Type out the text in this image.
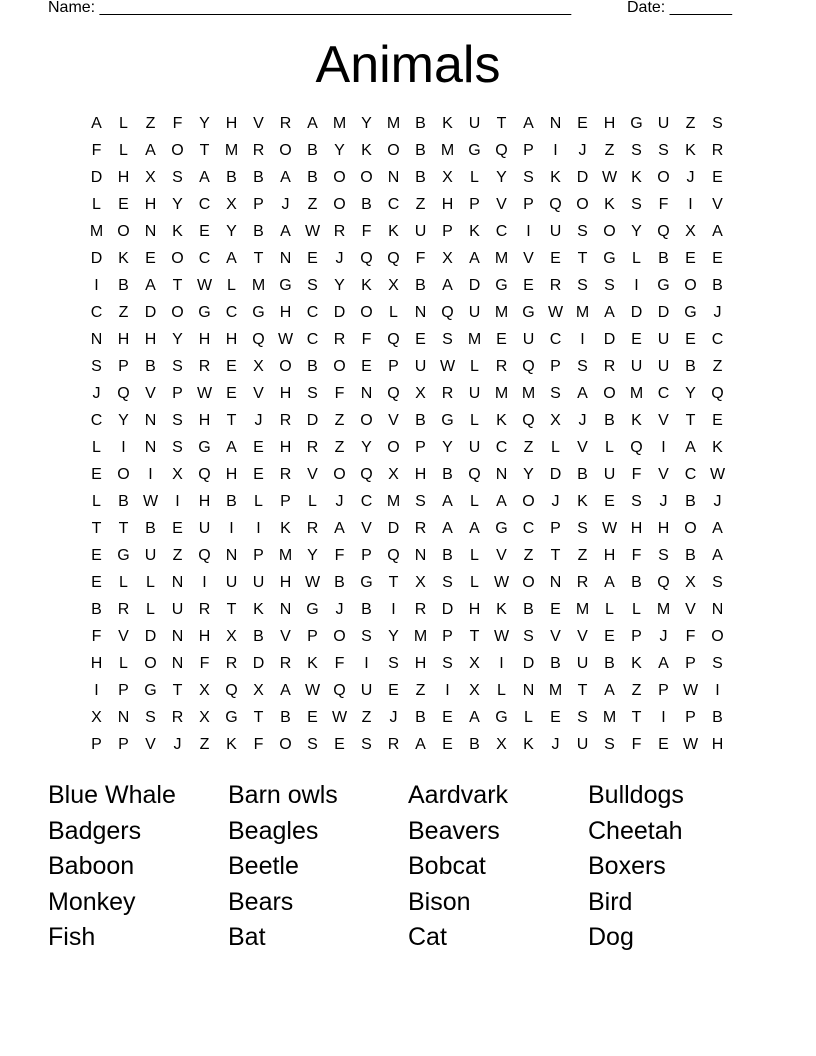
Name: _____________________________________________________	Date: _______
Animals
A	L	Z	F	Y H V R A M Y M B	K U	T	A N E H G U	Z	S
F	L	A O T M R O B	Y	K O B M G Q P	I	J	Z	S	S	K R
D H X	S	A	B	B	A	B O O N B	X	L	Y	S	K D W K O	J	E
L	E H Y C X	P	J	Z O B C	Z	H P	V	P Q O K	S	F	I	V
M O N K	E	Y	B	A W R	F	K U P	K C	I	U S O Y Q X	A
D K	E O C A	T	N E	J	Q Q F	X	A M V	E	T G	L	B	E	E
I	B	A	T W L M G S	Y	K	X	B	A D G E R S	S	I	G O B
C	Z	D O G C G H C D O	L	N Q U M G W M A D D G	J
N H H Y H H Q W C R	F Q E	S M E U C	I	D E U E C
S	P	B	S R E	X O B O E	P U W L	R Q P	S R U U B	Z
J	Q V	P W E	V H S	F	N Q X R U M M S	A O M C Y Q
C Y N S H	T	J	R D	Z O V	B G	L	K Q X	J	B	K	V	T	E
L	I	N S G A	E H R	Z	Y O P	Y U C	Z	L	V	L	Q	I	A	K
E O	I	X Q H E R V O Q X H B Q N Y D B U	F	V C W
L	B W	I	H B	L	P	L	J	C M S	A	L	A O	J	K	E	S	J	B	J
T	T	B	E U	I	I	K R A	V D R A	A G C P	S W H H O A
E G U	Z Q N P M Y	F	P Q N B	L	V	Z	T	Z	H	F	S	B	A
E	L	L	N	I	U U H W B G T	X	S	L W O N R A	B Q X	S
B R	L	U R	T	K N G	J	B	I	R D H K	B	E M L	L M V N
F	V D N H X	B	V	P O S	Y M P	T W S	V	V	E	P	J	F O
H	L	O N	F	R D R K	F	I	S H S	X	I	D B U B	K	A	P	S
I	P G T	X Q X	A W Q U E	Z	I	X	L	N M T	A	Z	P W	I
X N S R X G T	B	E W Z	J	B	E	A G	L	E	S M T	I	P	B
P	P	V	J	Z	K	F O S	E	S R A	E	B	X	K	J	U S	F	E W H
Blue Whale	Barn owls	Aardvark	Bulldogs
Badgers	Beagles	Beavers	Cheetah
Baboon	Beetle	Bobcat	Boxers
Monkey	Bears	Bison	Bird
Fish	Bat	Cat	Dog
